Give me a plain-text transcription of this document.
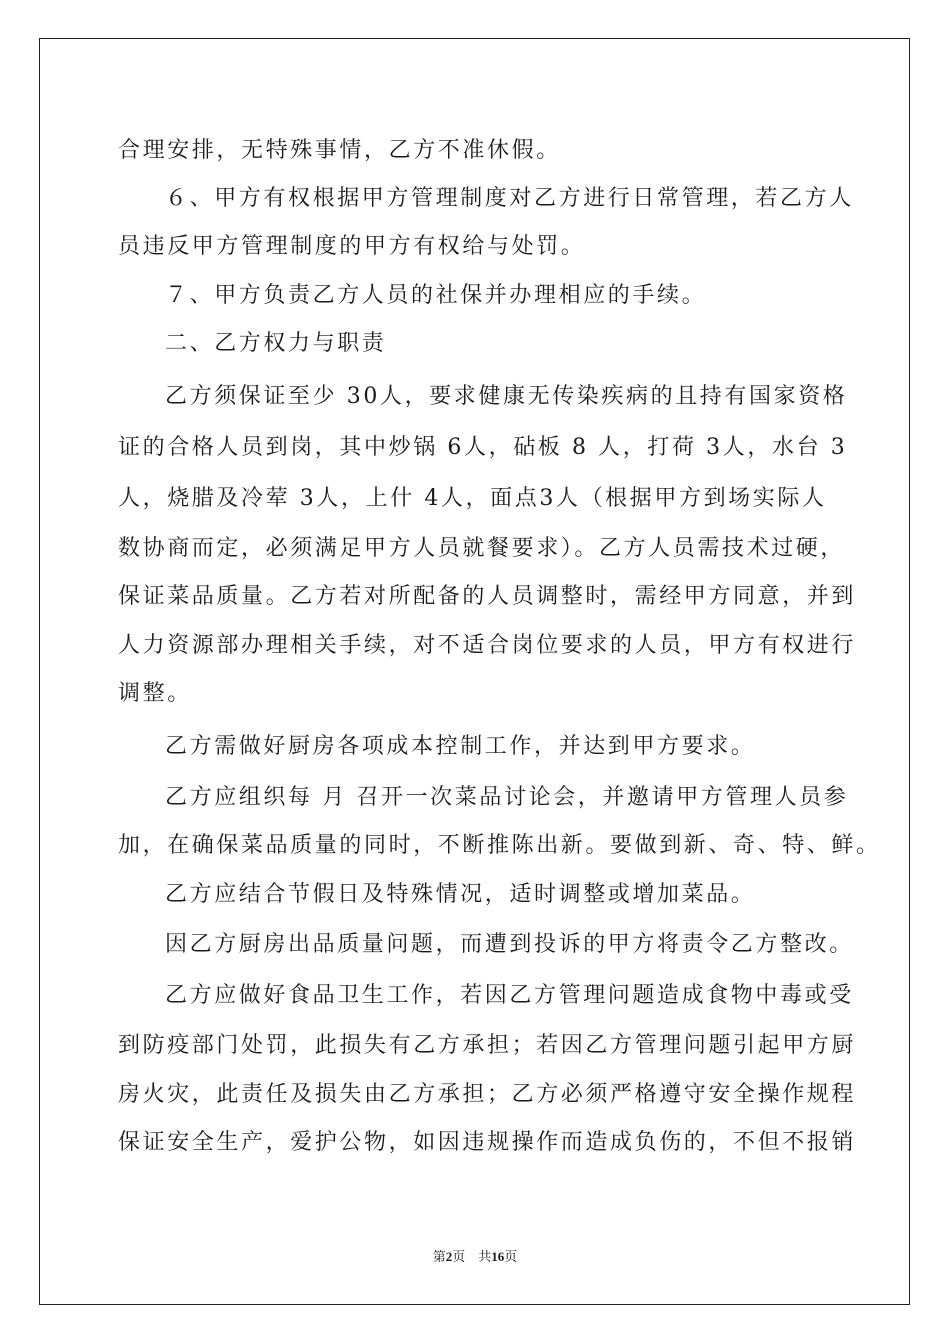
合理安排，无特殊事情，乙方不准休假。
６、甲方有权根据甲方管理制度对乙方进行日常管理，若乙方人
员违反甲方管理制度的甲方有权给与处罚。
７、甲方负责乙方人员的社保并办理相应的手续。
二、乙方权力与职责
乙方须保证至少 30人，要求健康无传染疾病的且持有国家资格
证的合格人员到岗，其中炒锅 6人，砧板 8 人，打荷 3人，水台 3
人，烧腊及冷荤 3人，上什 4人，面点3人（根据甲方到场实际人
数协商而定，必须满足甲方人员就餐要求）。乙方人员需技术过硬，
保证菜品质量。乙方若对所配备的人员调整时，需经甲方同意，并到
人力资源部办理相关手续，对不适合岗位要求的人员，甲方有权进行
调整。
乙方需做好厨房各项成本控制工作，并达到甲方要求。
乙方应组织每 月 召开一次菜品讨论会，并邀请甲方管理人员参
加，在确保菜品质量的同时，不断推陈出新。要做到新、奇、特、鲜。
乙方应结合节假日及特殊情况，适时调整或增加菜品。
因乙方厨房出品质量问题，而遭到投诉的甲方将责令乙方整改。
乙方应做好食品卫生工作，若因乙方管理问题造成食物中毒或受
到防疫部门处罚，此损失有乙方承担；若因乙方管理问题引起甲方厨
房火灾，此责任及损失由乙方承担；乙方必须严格遵守安全操作规程
保证安全生产，爱护公物，如因违规操作而造成负伤的，不但不报销
第2页　共16页
